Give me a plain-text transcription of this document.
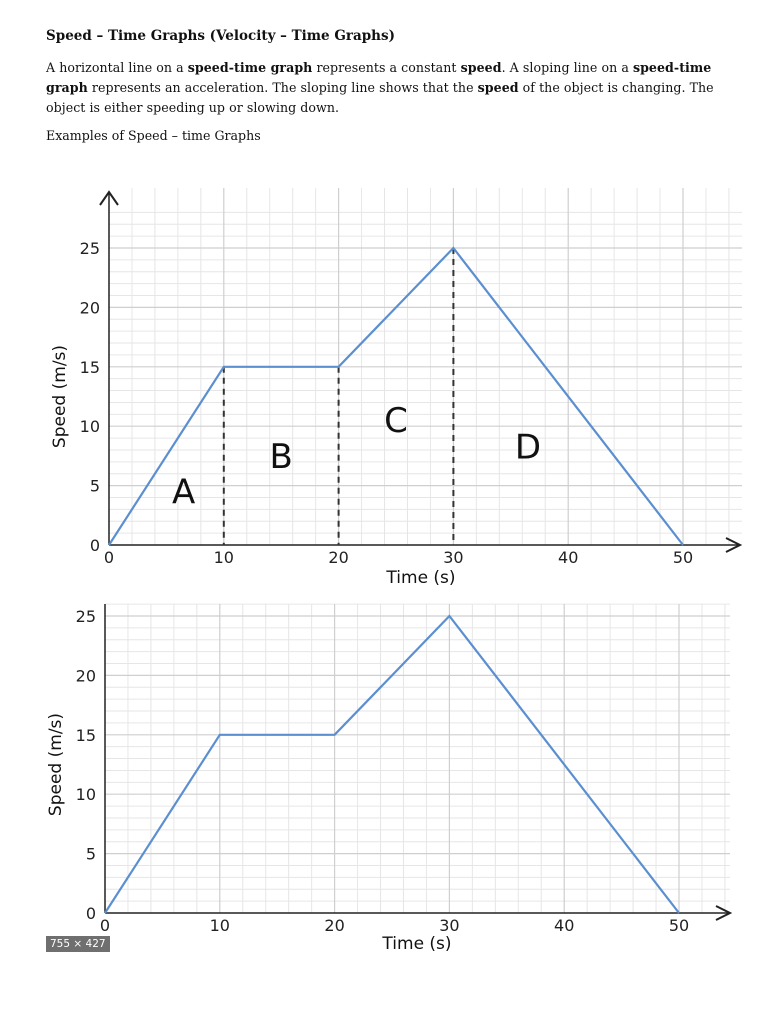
Speed – Time Graphs (Velocity – Time Graphs)

A horizontal line on a speed-time graph represents a constant speed. A sloping line on a speed-time graph represents an acceleration. The sloping line shows that the speed of the object is changing. The object is either speeding up or slowing down.

Examples of Speed – time Graphs

0	10	20	30	40	50
0
5
10
15
20
25
Time (s)
Speed (m/s)
A
B
C
D
0	10	20	30	40	50
0
5
10
15
20
25
Time (s)
Speed (m/s)
755 × 427
